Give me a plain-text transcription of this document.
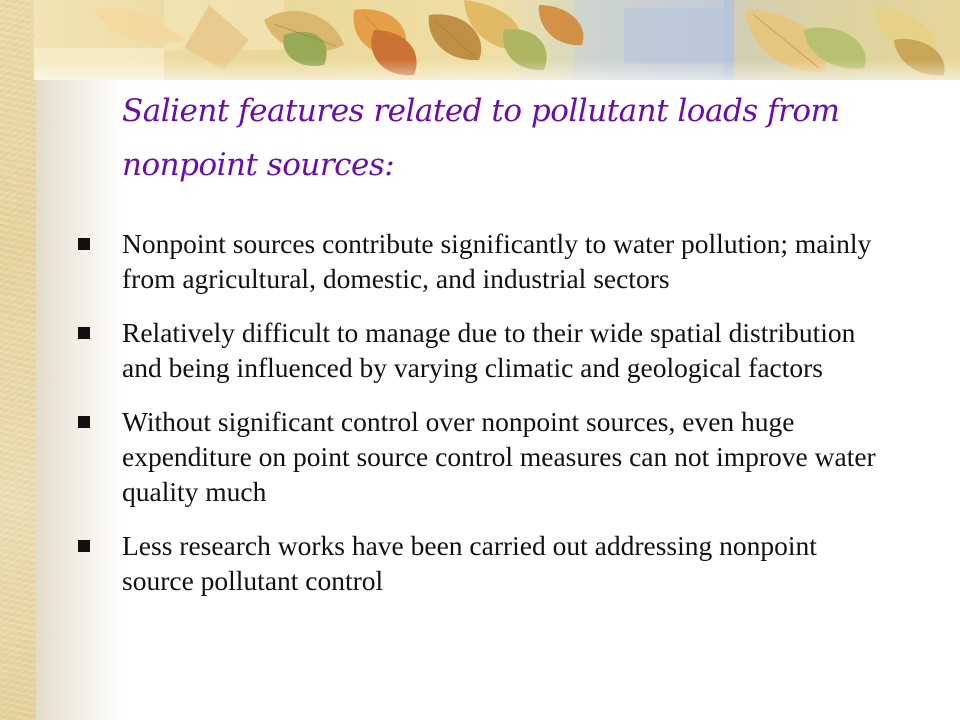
Salient features related to pollutant loads from nonpoint sources:
Nonpoint sources contribute significantly to water pollution; mainly from agricultural, domestic, and industrial sectors
Relatively difficult to manage due to their wide spatial distribution and being influenced by varying climatic and geological factors
Without significant control over nonpoint sources, even huge expenditure on point source control measures can not improve water quality much
Less research works have been carried out addressing nonpoint source pollutant control
